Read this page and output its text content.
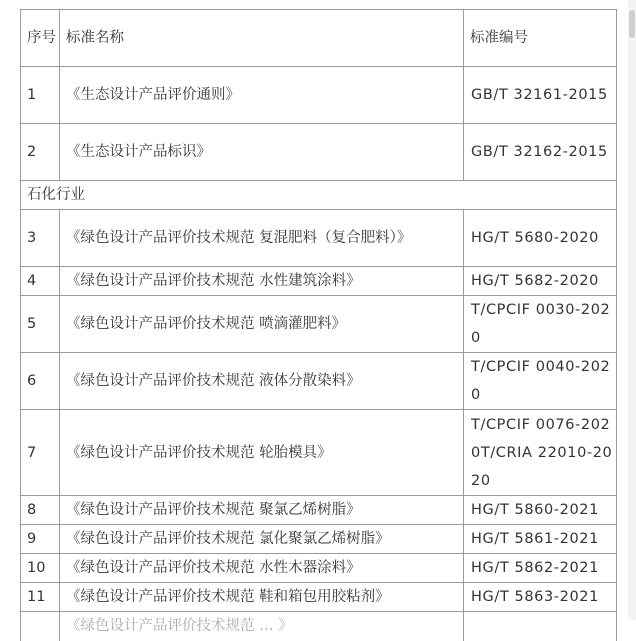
序号	标准名称	标准编号
1	《生态设计产品评价通则》	GB/T 32161-2015
2	《生态设计产品标识》	GB/T 32162-2015
石化行业		
3	《绿色设计产品评价技术规范 复混肥料（复合肥料）》	HG/T 5680-2020
4	《绿色设计产品评价技术规范 水性建筑涂料》	HG/T 5682-2020
5	《绿色设计产品评价技术规范 喷滴灌肥料》	T/CPCIF 0030-2020
6	《绿色设计产品评价技术规范 液体分散染料》	T/CPCIF 0040-2020
7	《绿色设计产品评价技术规范 轮胎模具》	T/CPCIF 0076-2020T/CRIA 22010-2020
8	《绿色设计产品评价技术规范 聚氯乙烯树脂》	HG/T 5860-2021
9	《绿色设计产品评价技术规范 氯化聚氯乙烯树脂》	HG/T 5861-2021
10	《绿色设计产品评价技术规范 水性木器涂料》	HG/T 5862-2021
11	《绿色设计产品评价技术规范 鞋和箱包用胶粘剂》	HG/T 5863-2021
	《绿色设计产品评价技术规范 … 》	
